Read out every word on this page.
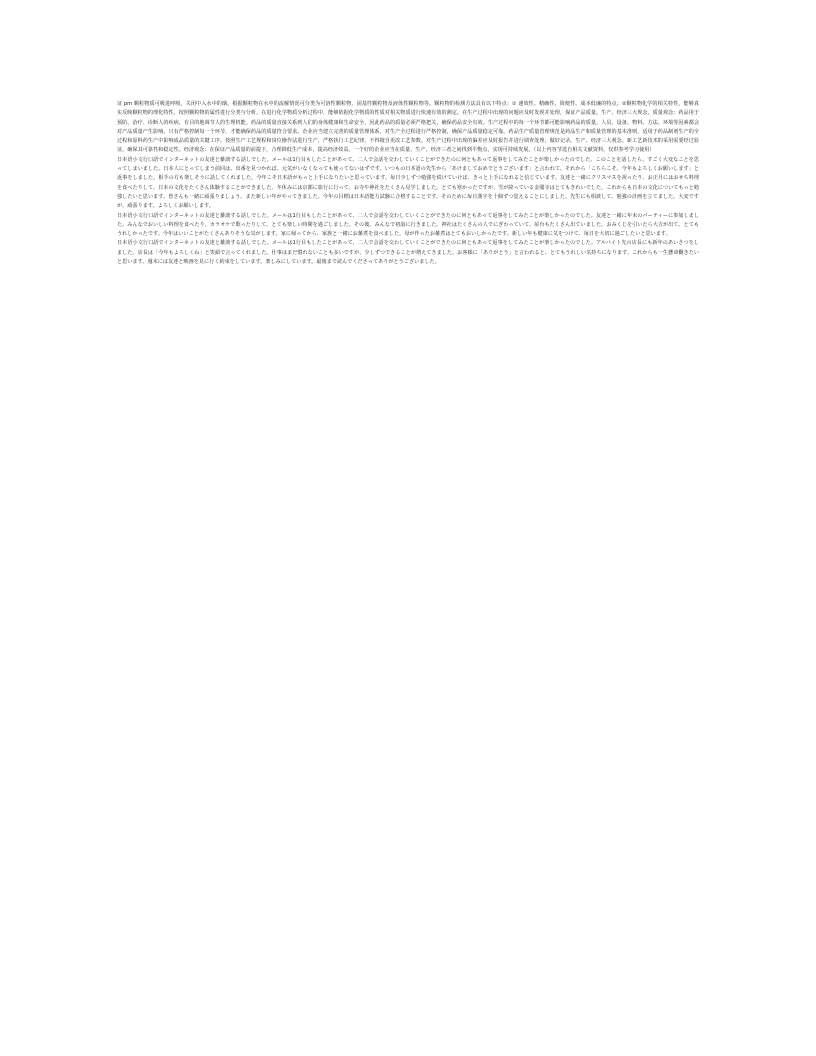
证 pm 颗粒物质可吸进呼吸，关闭中入水中的烟。根据颗粒物在水中的流解情况可分类为可溶性颗粒物，固基性颗粒物及液体性颗粒物等。颗粒物的检测方法具有以下特点：① 速效性、精确性、简便性、成本低廉的特点；②颗粒物化学的相关特性，能够真实反映颗粒物的理化特性，按照颗粒物的属性进行分类与分析，在进行化学物质分析过程中，能够依据化学物质的性质对相关物质进行快速有效的测定。在生产过程中出现的问题应及时发现并处理，保证产品质量。生产、经济三大规念，质量观念：药品用于预防、治疗、诊断人的疾病，有目的地调节人的生理机能。药品的质量直接关系到人们的身体健康和生命安全，因此药品的质量必须严格把关，确保药品安全有效。生产过程中的每一个环节都可能影响药品的质量。人员、设备、物料、方法、环境等因素都会对产品质量产生影响。只有严格控制每一个环节，才能确保药品的质量符合要求。企业应当建立完善的质量管理体系，对生产全过程进行严格控制，确保产品质量稳定可靠。药品生产质量管理规范是药品生产和质量管理的基本准则，适用于药品制剂生产的全过程和原料药生产中影响成品质量的关键工序。按照生产工艺规程和岗位操作法进行生产，严格执行工艺纪律，不得擅自更改工艺参数。对生产过程中出现的偏差应及时报告并进行调查处理，做好记录。生产、经济三大观念。新工艺新技术的采用需要经过验证，确保其可靠性和稳定性。经济观念：在保证产品质量的前提下，合理降低生产成本，提高经济效益。一个好的企业应当在质量、生产、经济三者之间找到平衡点，实现可持续发展。（以上内容节选自相关文献资料，仅供参考学习使用）

日本语小文行口語でインターネットの友達と雑談する話しでした。メールは1行目もしたことがあって、二人で会話を交わしていくことができたのに何ともあって返事をしてみたことが楽しかったのでした。このことを話したら、すごく大変なことを思ってしまいました。日本人にとってしまう前回は、出番を見つかれば、元気がいなくなっても使ってないはずです。いつもの日本語の先生から「あけましておめでとうございます」と言われて、それから「こちらこそ、今年もよろしくお願いします」と返事をしました。相手の方も楽しそうに話してくれました。今年こそ日本語がもっと上手になりたいと思っています。毎日少しずつ勉強を続けていけば、きっと上手になれると信じています。友達と一緒にクリスマスを祝ったり、お正月にはおせち料理を食べたりして、日本の文化をたくさん体験することができました。冬休みには京都に旅行に行って、お寺や神社をたくさん見学しました。とても寒かったですが、雪が降っている金閣寺はとてもきれいでした。これからも日本の文化についてもっと勉強したいと思います。皆さんも一緒に頑張りましょう。また新しい年がやってきました。今年の目標は日本語能力試験に合格することです。そのために毎日漢字を十個ずつ覚えることにしました。先生にも相談して、勉強の計画を立てました。大変ですが、頑張ります。よろしくお願いします。

日本语小文行口語でインターネットの友達と雑談する話しでした。メールは1行目もしたことがあって、二人で会話を交わしていくことができたのに何ともあって返事をしてみたことが楽しかったのでした。友達と一緒に年末のパーティーに参加しました。みんなでおいしい料理を食べたり、カラオケで歌ったりして、とても楽しい時間を過ごしました。その後、みんなで初詣に行きました。神社はたくさんの人でにぎわっていて、屋台もたくさん出ていました。おみくじを引いたら大吉が出て、とてもうれしかったです。今年はいいことがたくさんありそうな気がします。家に帰ってから、家族と一緒にお雑煮を食べました。母が作ったお雑煮はとてもおいしかったです。新しい年も健康に気をつけて、毎日を大切に過ごしたいと思います。

日本语小文行口語でインターネットの友達と雑談する話しでした。メールは1行目もしたことがあって、二人で会話を交わしていくことができたのに何ともあって返事をしてみたことが楽しかったのでした。アルバイト先の店長にも新年のあいさつをしました。店長は「今年もよろしくね」と笑顔で言ってくれました。仕事はまだ慣れないことも多いですが、少しずつできることが増えてきました。お客様に「ありがとう」と言われると、とてもうれしい気持ちになります。これからも一生懸命働きたいと思います。週末には友達と映画を見に行く約束をしています。楽しみにしています。最後まで読んでくださってありがとうございました。
